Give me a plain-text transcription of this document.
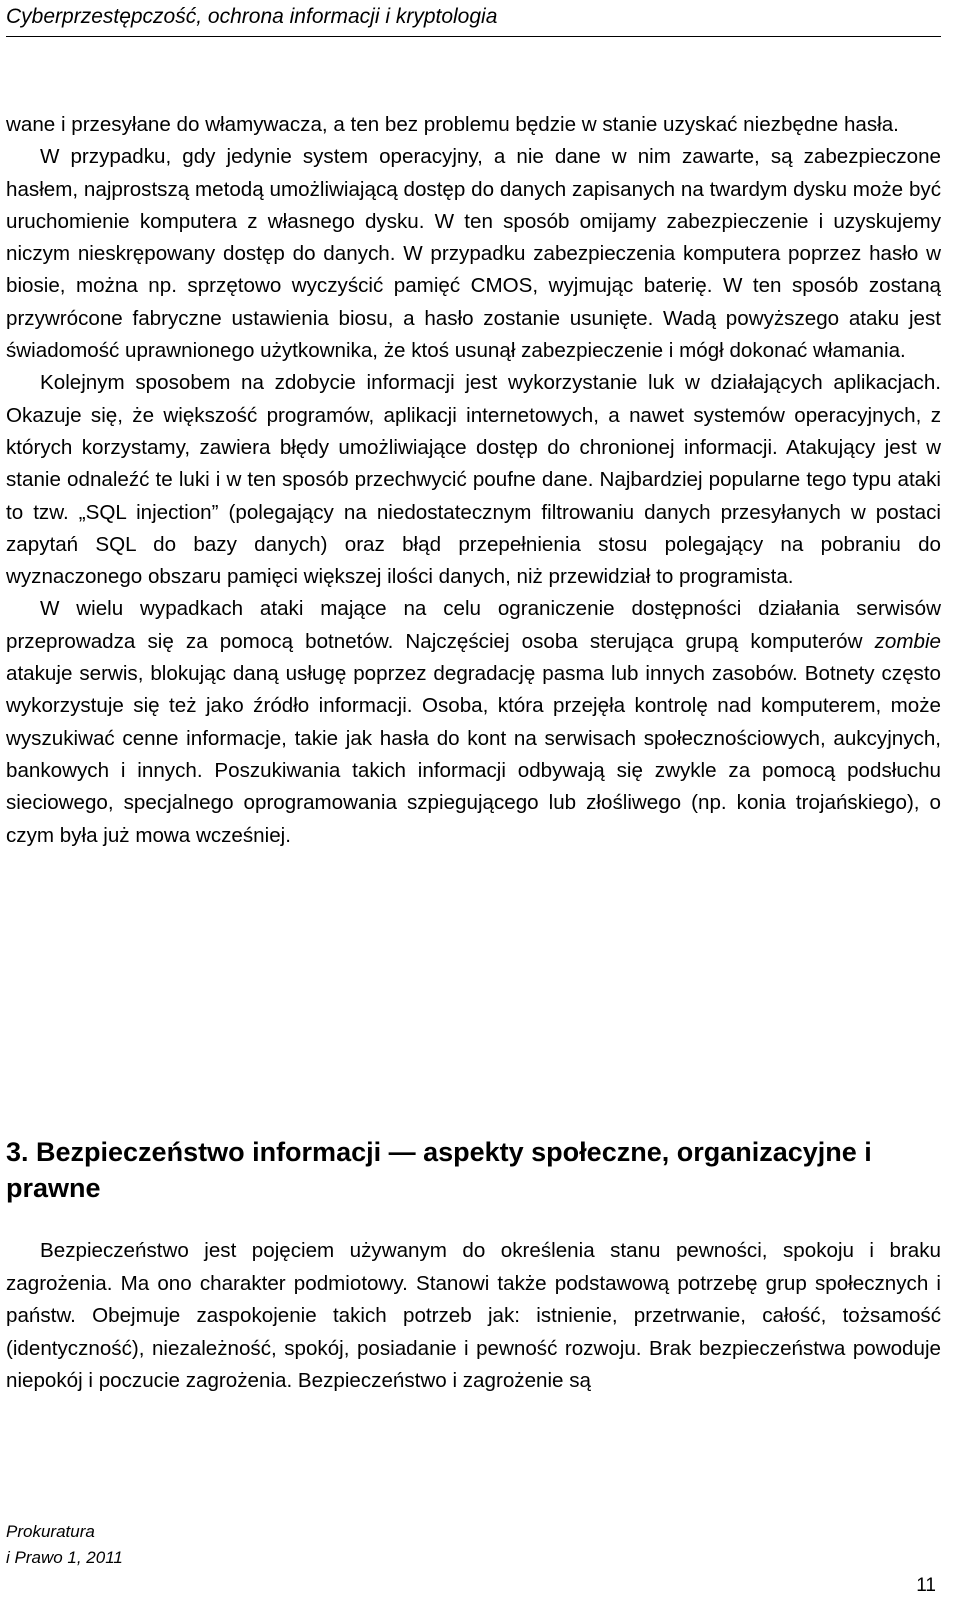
Cyberprzestępczość, ochrona informacji i kryptologia

wane i przesyłane do włamywacza, a ten bez problemu będzie w stanie uzyskać niezbędne hasła.

W przypadku, gdy jedynie system operacyjny, a nie dane w nim zawarte, są zabezpieczone hasłem, najprostszą metodą umożliwiającą dostęp do danych zapisanych na twardym dysku może być uruchomienie komputera z własnego dysku. W ten sposób omijamy zabezpieczenie i uzyskujemy niczym nieskrępowany dostęp do danych. W przypadku zabezpieczenia komputera poprzez hasło w biosie, można np. sprzętowo wyczyścić pamięć CMOS, wyjmując baterię. W ten sposób zostaną przywrócone fabryczne ustawienia biosu, a hasło zostanie usunięte. Wadą powyższego ataku jest świadomość uprawnionego użytkownika, że ktoś usunął zabezpieczenie i mógł dokonać włamania.

Kolejnym sposobem na zdobycie informacji jest wykorzystanie luk w działających aplikacjach. Okazuje się, że większość programów, aplikacji internetowych, a nawet systemów operacyjnych, z których korzystamy, zawiera błędy umożliwiające dostęp do chronionej informacji. Atakujący jest w stanie odnaleźć te luki i w ten sposób przechwycić poufne dane. Najbardziej popularne tego typu ataki to tzw. „SQL injection” (polegający na niedostatecznym filtrowaniu danych przesyłanych w postaci zapytań SQL do bazy danych) oraz błąd przepełnienia stosu polegający na pobraniu do wyznaczonego obszaru pamięci większej ilości danych, niż przewidział to programista.

W wielu wypadkach ataki mające na celu ograniczenie dostępności działania serwisów przeprowadza się za pomocą botnetów. Najczęściej osoba sterująca grupą komputerów zombie atakuje serwis, blokując daną usługę poprzez degradację pasma lub innych zasobów. Botnety często wykorzystuje się też jako źródło informacji. Osoba, która przejęła kontrolę nad komputerem, może wyszukiwać cenne informacje, takie jak hasła do kont na serwisach społecznościowych, aukcyjnych, bankowych i innych. Poszukiwania takich informacji odbywają się zwykle za pomocą podsłuchu sieciowego, specjalnego oprogramowania szpiegującego lub złośliwego (np. konia trojańskiego), o czym była już mowa wcześniej.

3. Bezpieczeństwo informacji — aspekty społeczne, organizacyjne i prawne

Bezpieczeństwo jest pojęciem używanym do określenia stanu pewności, spokoju i braku zagrożenia. Ma ono charakter podmiotowy. Stanowi także podstawową potrzebę grup społecznych i państw. Obejmuje zaspokojenie takich potrzeb jak: istnienie, przetrwanie, całość, tożsamość (identyczność), niezależność, spokój, posiadanie i pewność rozwoju. Brak bezpieczeństwa powoduje niepokój i poczucie zagrożenia. Bezpieczeństwo i zagrożenie są

Prokuratura
i Prawo 1, 2011
11
